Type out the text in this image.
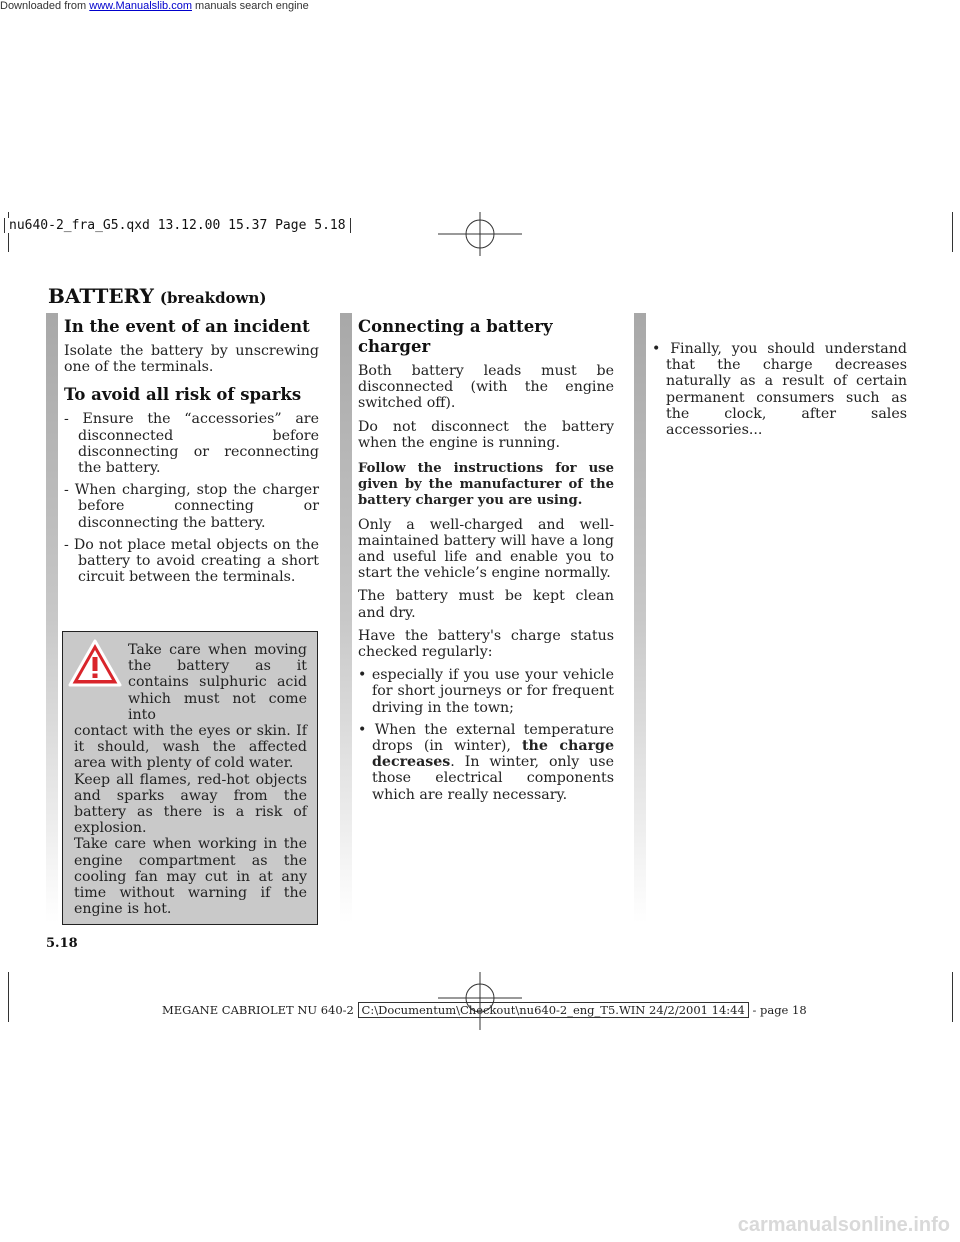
Downloaded from www.Manualslib.com manuals search engine
nu640-2_fra_G5.qxd 13.12.00 15.37 Page 5.18
BATTERY (breakdown)
In the event of an incident

Isolate the battery by unscrewing one of the terminals.

To avoid all risk of sparks
- Ensure the “accessories” are disconnected before disconnecting or reconnecting the battery.
- When charging, stop the charger before connecting or disconnecting the battery.
- Do not place metal objects on the battery to avoid creating a short circuit between the terminals.

Take care when moving the battery as it contains sulphuric acid which must not come into

contact with the eyes or skin. If it should, wash the affected area with plenty of cold water.

Keep all flames, red-hot objects and sparks away from the battery as there is a risk of explosion.

Take care when working in the engine compartment as the cooling fan may cut in at any time without warning if the engine is hot.

Connecting a battery charger

Both battery leads must be disconnected (with the engine switched off).

Do not disconnect the battery when the engine is running.

Follow the instructions for use given by the manufacturer of the battery charger you are using.

Only a well-charged and well-maintained battery will have a long and useful life and enable you to start the vehicle’s engine normally.

The battery must be kept clean and dry.

Have the battery's charge status checked regularly:

• especially if you use your vehicle for short journeys or for frequent driving in the town;
• When the external temperature drops (in winter), the charge decreases. In winter, only use those electrical components which are really necessary.
• Finally, you should understand that the charge decreases naturally as a result of certain permanent consumers such as the clock, after sales accessories...
5.18
MEGANE CABRIOLET NU 640-2 C:\Documentum\Checkout\nu640-2_eng_T5.WIN 24/2/2001 14:44 - page 18
carmanualsonline.info
